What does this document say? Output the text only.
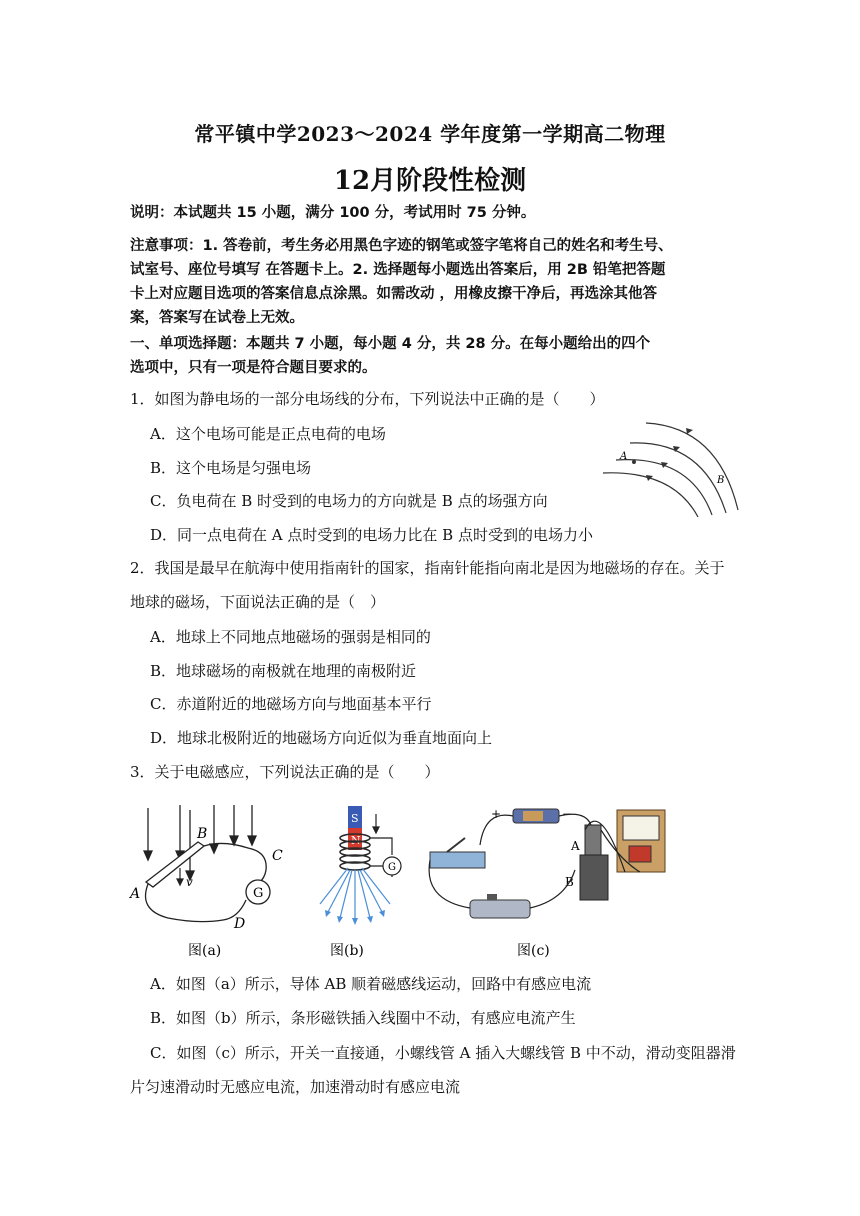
常平镇中学2023～2024 学年度第一学期高二物理
12月阶段性检测
说明：本试题共 15 小题，满分 100 分，考试用时 75 分钟。
注意事项：1. 答卷前，考生务必用黑色字迹的钢笔或签字笔将自己的姓名和考生号、
试室号、座位号填写 在答题卡上。2. 选择题每小题选出答案后，用 2B 铅笔把答题
卡上对应题目选项的答案信息点涂黑。如需改动 ，用橡皮擦干净后，再选涂其他答
案，答案写在试卷上无效。
一、单项选择题：本题共 7 小题，每小题 4 分，共 28 分。在每小题给出的四个
选项中，只有一项是符合题目要求的。
1．如图为静电场的一部分电场线的分布，下列说法中正确的是（　　）
A．这个电场可能是正点电荷的电场
B．这个电场是匀强电场
C．负电荷在 B 时受到的电场力的方向就是 B 点的场强方向
D．同一点电荷在 A 点时受到的电场力比在 B 点时受到的电场力小
A
B
2．我国是最早在航海中使用指南针的国家，指南针能指向南北是因为地磁场的存在。关于
地球的磁场，下面说法正确的是（　）
A．地球上不同地点地磁场的强弱是相同的
B．地球磁场的南极就在地理的南极附近
C．赤道附近的地磁场方向与地面基本平行
D．地球北极附近的地磁场方向近似为垂直地面向上
3．关于电磁感应，下列说法正确的是（　　）
G
A
B
C
D
v
图(a)
S
N
G
图(b)
+	−
A
B
图(c)
A．如图（a）所示，导体 AB 顺着磁感线运动，回路中有感应电流
B．如图（b）所示，条形磁铁插入线圈中不动，有感应电流产生
C．如图（c）所示，开关一直接通，小螺线管 A 插入大螺线管 B 中不动，滑动变阻器滑
片匀速滑动时无感应电流，加速滑动时有感应电流
